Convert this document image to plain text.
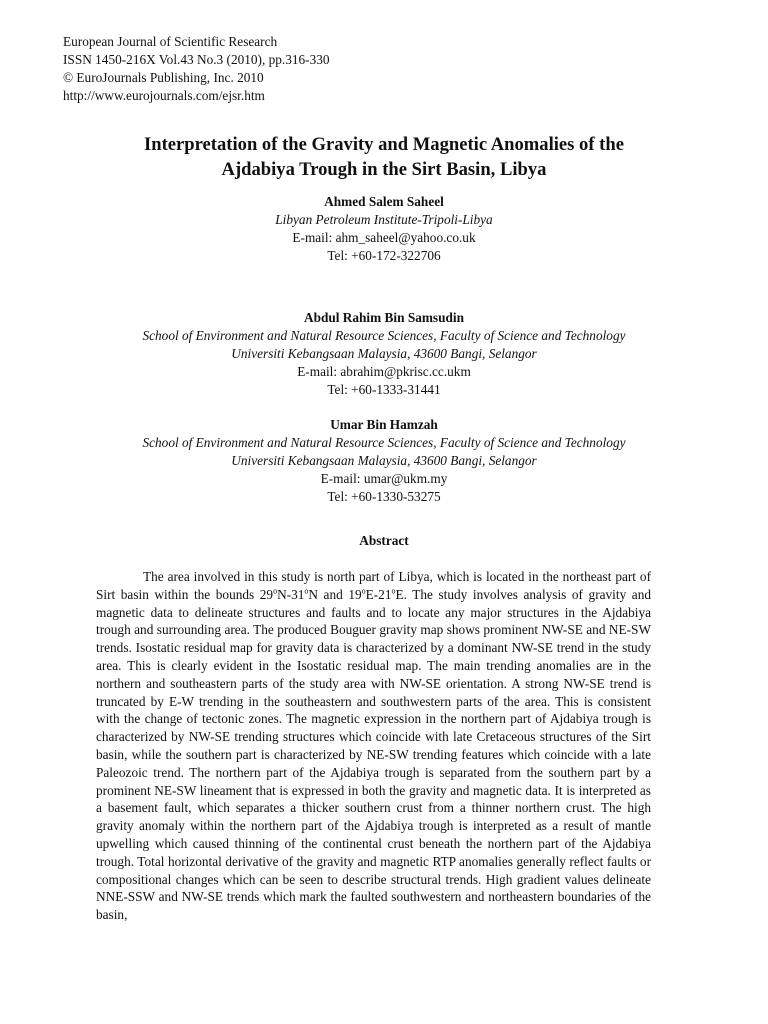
European Journal of Scientific Research
ISSN 1450-216X Vol.43 No.3 (2010), pp.316-330
© EuroJournals Publishing, Inc. 2010
http://www.eurojournals.com/ejsr.htm
Interpretation of the Gravity and Magnetic Anomalies of the
Ajdabiya Trough in the Sirt Basin, Libya
Ahmed Salem Saheel
Libyan Petroleum Institute-Tripoli-Libya
E-mail: ahm_saheel@yahoo.co.uk
Tel: +60-172-322706
Abdul Rahim Bin Samsudin
School of Environment and Natural Resource Sciences, Faculty of Science and Technology
Universiti Kebangsaan Malaysia, 43600 Bangi, Selangor
E-mail: abrahim@pkrisc.cc.ukm
Tel: +60-1333-31441
Umar Bin Hamzah
School of Environment and Natural Resource Sciences, Faculty of Science and Technology
Universiti Kebangsaan Malaysia, 43600 Bangi, Selangor
E-mail: umar@ukm.my
Tel: +60-1330-53275
Abstract

The area involved in this study is north part of Libya, which is located in the northeast part of Sirt basin within the bounds 29$^o$N-31$^o$N and 19$^o$E-21$^o$E. The study involves analysis of gravity and magnetic data to delineate structures and faults and to locate any major structures in the Ajdabiya trough and surrounding area. The produced Bouguer gravity map shows prominent NW-SE and NE-SW trends. Isostatic residual map for gravity data is characterized by a dominant NW-SE trend in the study area. This is clearly evident in the Isostatic residual map. The main trending anomalies are in the northern and southeastern parts of the study area with NW-SE orientation. A strong NW-SE trend is truncated by E-W trending in the southeastern and southwestern parts of the area. This is consistent with the change of tectonic zones. The magnetic expression in the northern part of Ajdabiya trough is characterized by NW-SE trending structures which coincide with late Cretaceous structures of the Sirt basin, while the southern part is characterized by NE-SW trending features which coincide with a late Paleozoic trend. The northern part of the Ajdabiya trough is separated from the southern part by a prominent NE-SW lineament that is expressed in both the gravity and magnetic data. It is interpreted as a basement fault, which separates a thicker southern crust from a thinner northern crust. The high gravity anomaly within the northern part of the Ajdabiya trough is interpreted as a result of mantle upwelling which caused thinning of the continental crust beneath the northern part of the Ajdabiya trough. Total horizontal derivative of the gravity and magnetic RTP anomalies generally reflect faults or compositional changes which can be seen to describe structural trends. High gradient values delineate NNE-SSW and NW-SE trends which mark the faulted southwestern and northeastern boundaries of the basin,
